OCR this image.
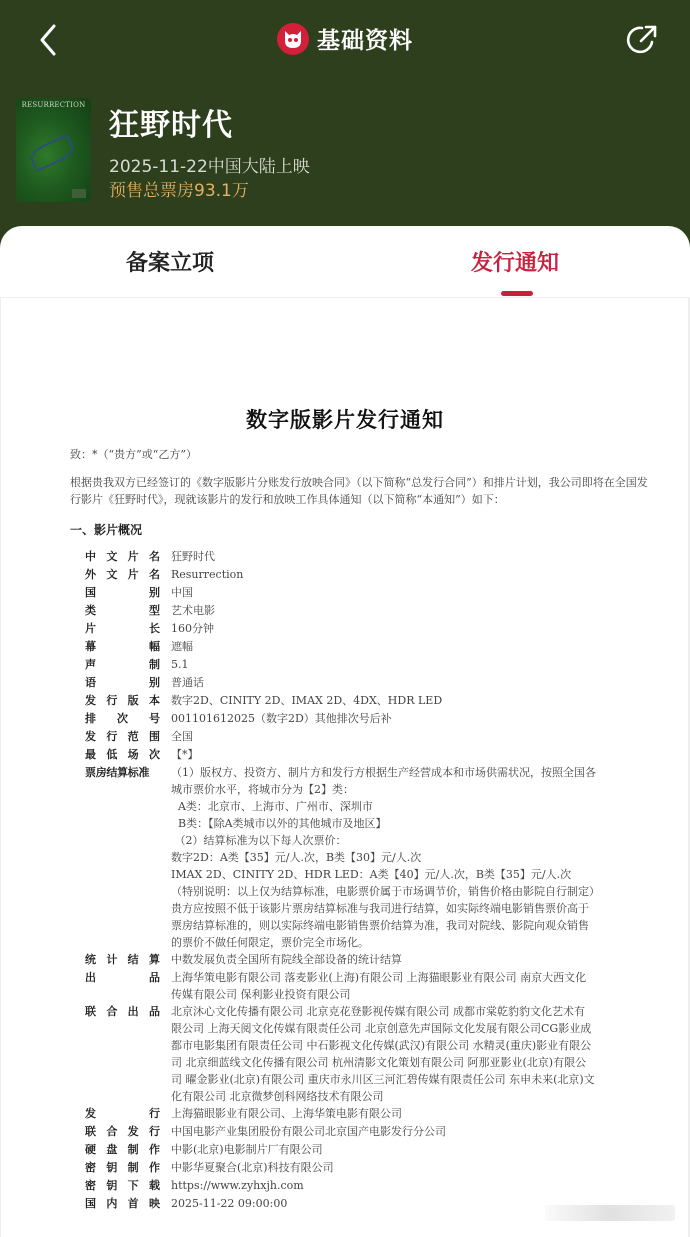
基础资料
RESURRECTION
狂野时代
2025-11-22中国大陆上映
预售总票房93.1万
备案立项	发行通知
数字版影片发行通知
致：*（“贵方”或“乙方”）
根据贵我双方已经签订的《数字版影片分账发行放映合同》（以下简称“总发行合同”）和排片计划，我公司即将在全国发行影片《狂野时代》，现就该影片的发行和放映工作具体通知（以下简称“本通知”）如下：
一、影片概况
中 文 片 名 狂野时代
外 文 片 名 Resurrection
国	别 中国
类	型 艺术电影
片	长 160分钟
幕	幅 遮幅
声	制 5.1
语	别 普通话
发 行 版 本 数字2D、CINITY 2D、IMAX 2D、4DX、HDR LED
排 次 号 001101612025（数字2D）其他排次号后补
发 行 范 围 全国
最 低 场 次 【*】
票房结算标准 （1）版权方、投资方、制片方和发行方根据生产经营成本和市场供需状况，按照全国各
城市票价水平，将城市分为【2】类：
A类：北京市、上海市、广州市、深圳市
B类：【除A类城市以外的其他城市及地区】
（2）结算标准为以下每人次票价：
数字2D：A类【35】元/人.次，B类【30】元/人.次
IMAX 2D、CINITY 2D、HDR LED：A类【40】元/人.次，B类【35】元/人.次
（特别说明：以上仅为结算标准，电影票价属于市场调节价，销售价格由影院自行制定）
贵方应按照不低于该影片票房结算标准与我司进行结算，如实际终端电影销售票价高于
票房结算标准的，则以实际终端电影销售票价结算为准，我司对院线、影院向观众销售
的票价不做任何限定，票价完全市场化。
统 计 结 算 中数发展负责全国所有院线全部设备的统计结算
出	品 上海华策电影有限公司 落麦影业(上海)有限公司 上海猫眼影业有限公司 南京大西文化
传媒有限公司 保利影业投资有限公司
联 合 出 品 北京沐心文化传播有限公司 北京克花登影视传媒有限公司 成都市棠乾豹豹文化艺术有
限公司 上海天阅文化传媒有限责任公司 北京创意先声国际文化发展有限公司CG影业成
都市电影集团有限责任公司 中石影视文化传媒(武汉)有限公司 水精灵(重庆)影业有限公
司 北京细蓝线文化传播有限公司 杭州清影文化策划有限公司 阿那亚影业(北京)有限公
司 曜金影业(北京)有限公司 重庆市永川区三河汇碧传媒有限责任公司 东申未来(北京)文
化有限公司 北京微梦创科网络技术有限公司
发	行 上海猫眼影业有限公司、上海华策电影有限公司
联 合 发 行 中国电影产业集团股份有限公司北京国产电影发行分公司
硬 盘 制 作 中影(北京)电影制片厂有限公司
密 钥 制 作 中影华夏聚合(北京)科技有限公司
密 钥 下 载 https://www.zyhxjh.com
国 内 首 映 2025-11-22 09:00:00
